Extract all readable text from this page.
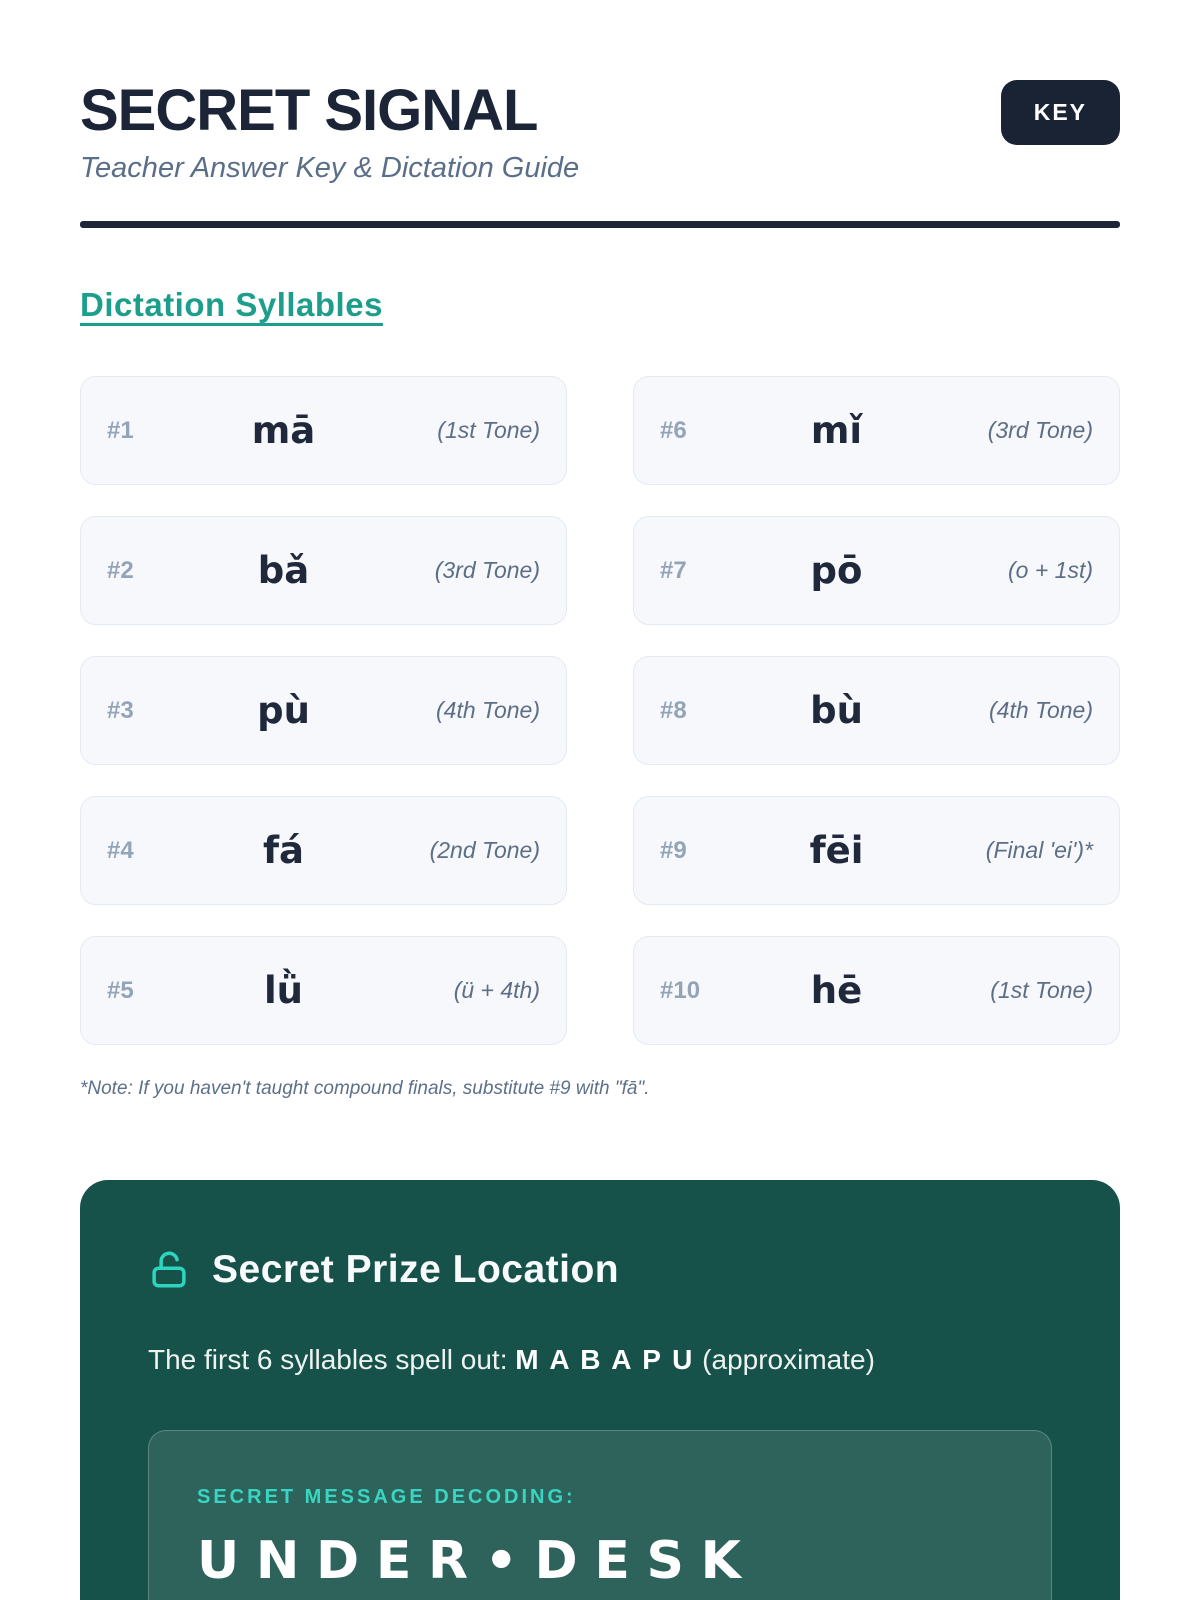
SECRET SIGNAL
Teacher Answer Key & Dictation Guide
KEY
Dictation Syllables
#1	mā	(1st Tone)
#2	bǎ	(3rd Tone)
#3	pù	(4th Tone)
#4	fá	(2nd Tone)
#5	lǜ	(ü + 4th)
#6	mǐ	(3rd Tone)
#7	pō	(o + 1st)
#8	bù	(4th Tone)
#9	fēi	(Final 'ei')*
#10	hē	(1st Tone)

*Note: If you haven't taught compound finals, substitute #9 with "fā".

Secret Prize Location

The first 6 syllables spell out: M A B A P U (approximate)

SECRET MESSAGE DECODING:
UNDER•DESK
